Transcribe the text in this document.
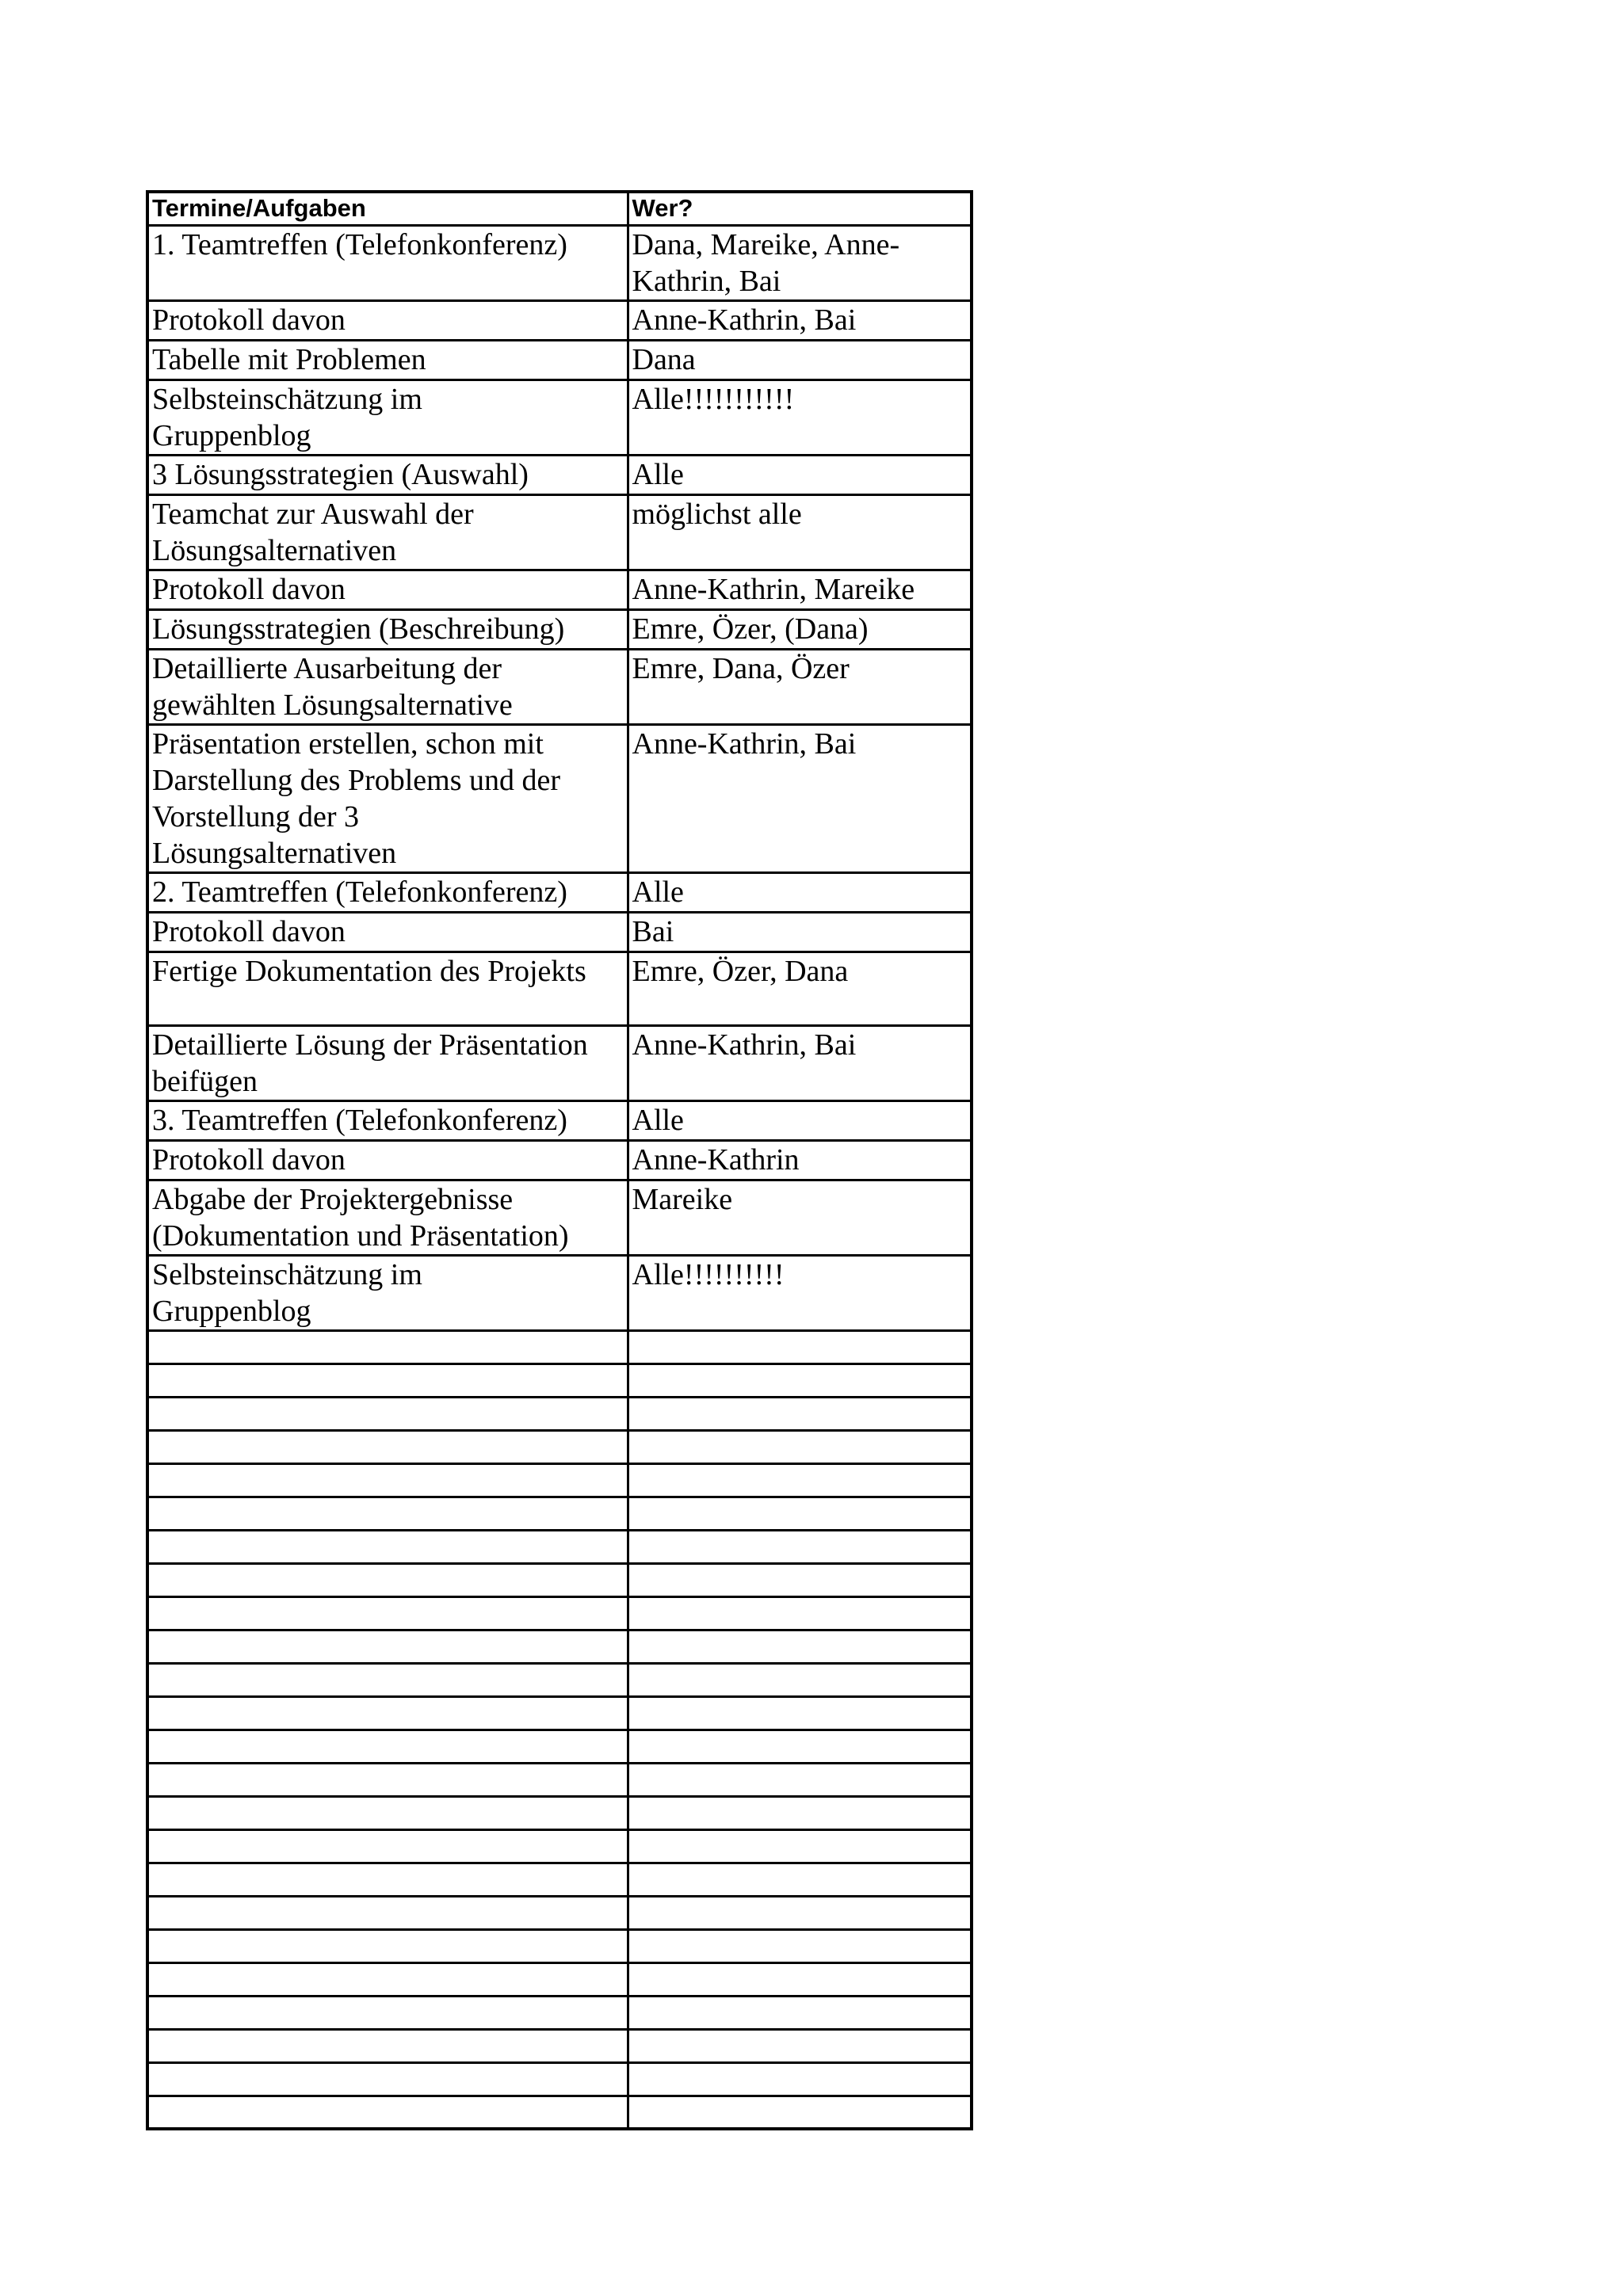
Termine/Aufgaben	Wer?
1. Teamtreffen (Telefonkonferenz)	Dana, Mareike, Anne-
Kathrin, Bai
Protokoll davon	Anne-Kathrin, Bai
Tabelle mit Problemen	Dana
Selbsteinschätzung im
Gruppenblog	Alle!!!!!!!!!!!
3 Lösungsstrategien (Auswahl)	Alle
Teamchat zur Auswahl der
Lösungsalternativen	möglichst alle
Protokoll davon	Anne-Kathrin, Mareike
Lösungsstrategien (Beschreibung)	Emre, Özer, (Dana)
Detaillierte Ausarbeitung der
gewählten Lösungsalternative	Emre, Dana, Özer
Präsentation erstellen, schon mit
Darstellung des Problems und der
Vorstellung der 3
Lösungsalternativen	Anne-Kathrin, Bai
2. Teamtreffen (Telefonkonferenz)	Alle
Protokoll davon	Bai
Fertige Dokumentation des Projekts	Emre, Özer, Dana
Detaillierte Lösung der Präsentation
beifügen	Anne-Kathrin, Bai
3. Teamtreffen (Telefonkonferenz)	Alle
Protokoll davon	Anne-Kathrin
Abgabe der Projektergebnisse
(Dokumentation und Präsentation)	Mareike
Selbsteinschätzung im
Gruppenblog	Alle!!!!!!!!!!
